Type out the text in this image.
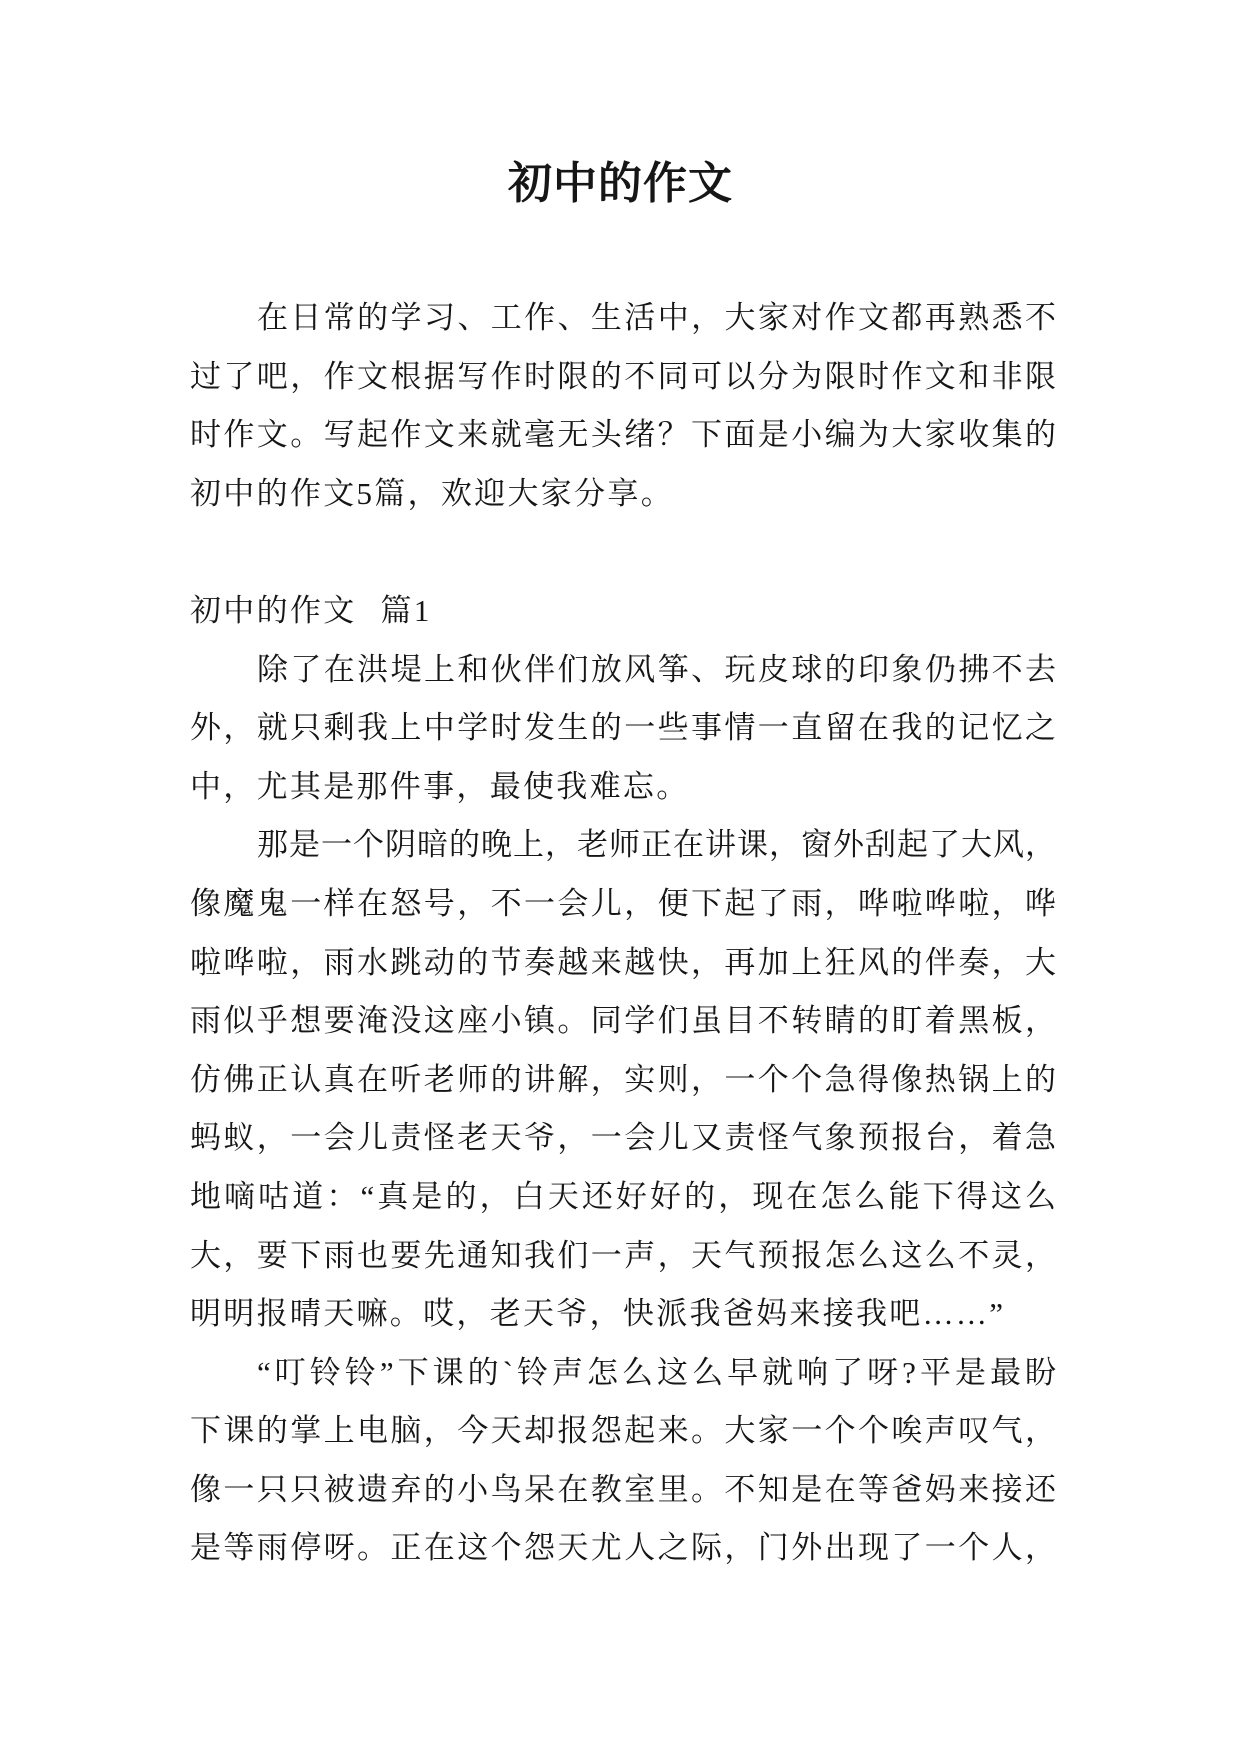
初中的作文
在日常的学习、工作、生活中，大家对作文都再熟悉不
过了吧，作文根据写作时限的不同可以分为限时作文和非限
时作文。写起作文来就毫无头绪？下面是小编为大家收集的
初中的作文5篇，欢迎大家分享。
初中的作文 篇1
除了在洪堤上和伙伴们放风筝、玩皮球的印象仍拂不去
外，就只剩我上中学时发生的一些事情一直留在我的记忆之
中，尤其是那件事，最使我难忘。
那是一个阴暗的晚上，老师正在讲课，窗外刮起了大风，
像魔鬼一样在怒号，不一会儿，便下起了雨，哗啦哗啦，哗
啦哗啦，雨水跳动的节奏越来越快，再加上狂风的伴奏，大
雨似乎想要淹没这座小镇。同学们虽目不转睛的盯着黑板，
仿佛正认真在听老师的讲解，实则，一个个急得像热锅上的
蚂蚁，一会儿责怪老天爷，一会儿又责怪气象预报台，着急
地嘀咕道：“真是的，白天还好好的，现在怎么能下得这么
大，要下雨也要先通知我们一声，天气预报怎么这么不灵，
明明报晴天嘛。哎，老天爷，快派我爸妈来接我吧……”
“叮铃铃”下课的`铃声怎么这么早就响了呀?平是最盼
下课的掌上电脑，今天却报怨起来。大家一个个唉声叹气，
像一只只被遗弃的小鸟呆在教室里。不知是在等爸妈来接还
是等雨停呀。正在这个怨天尤人之际，门外出现了一个人，
